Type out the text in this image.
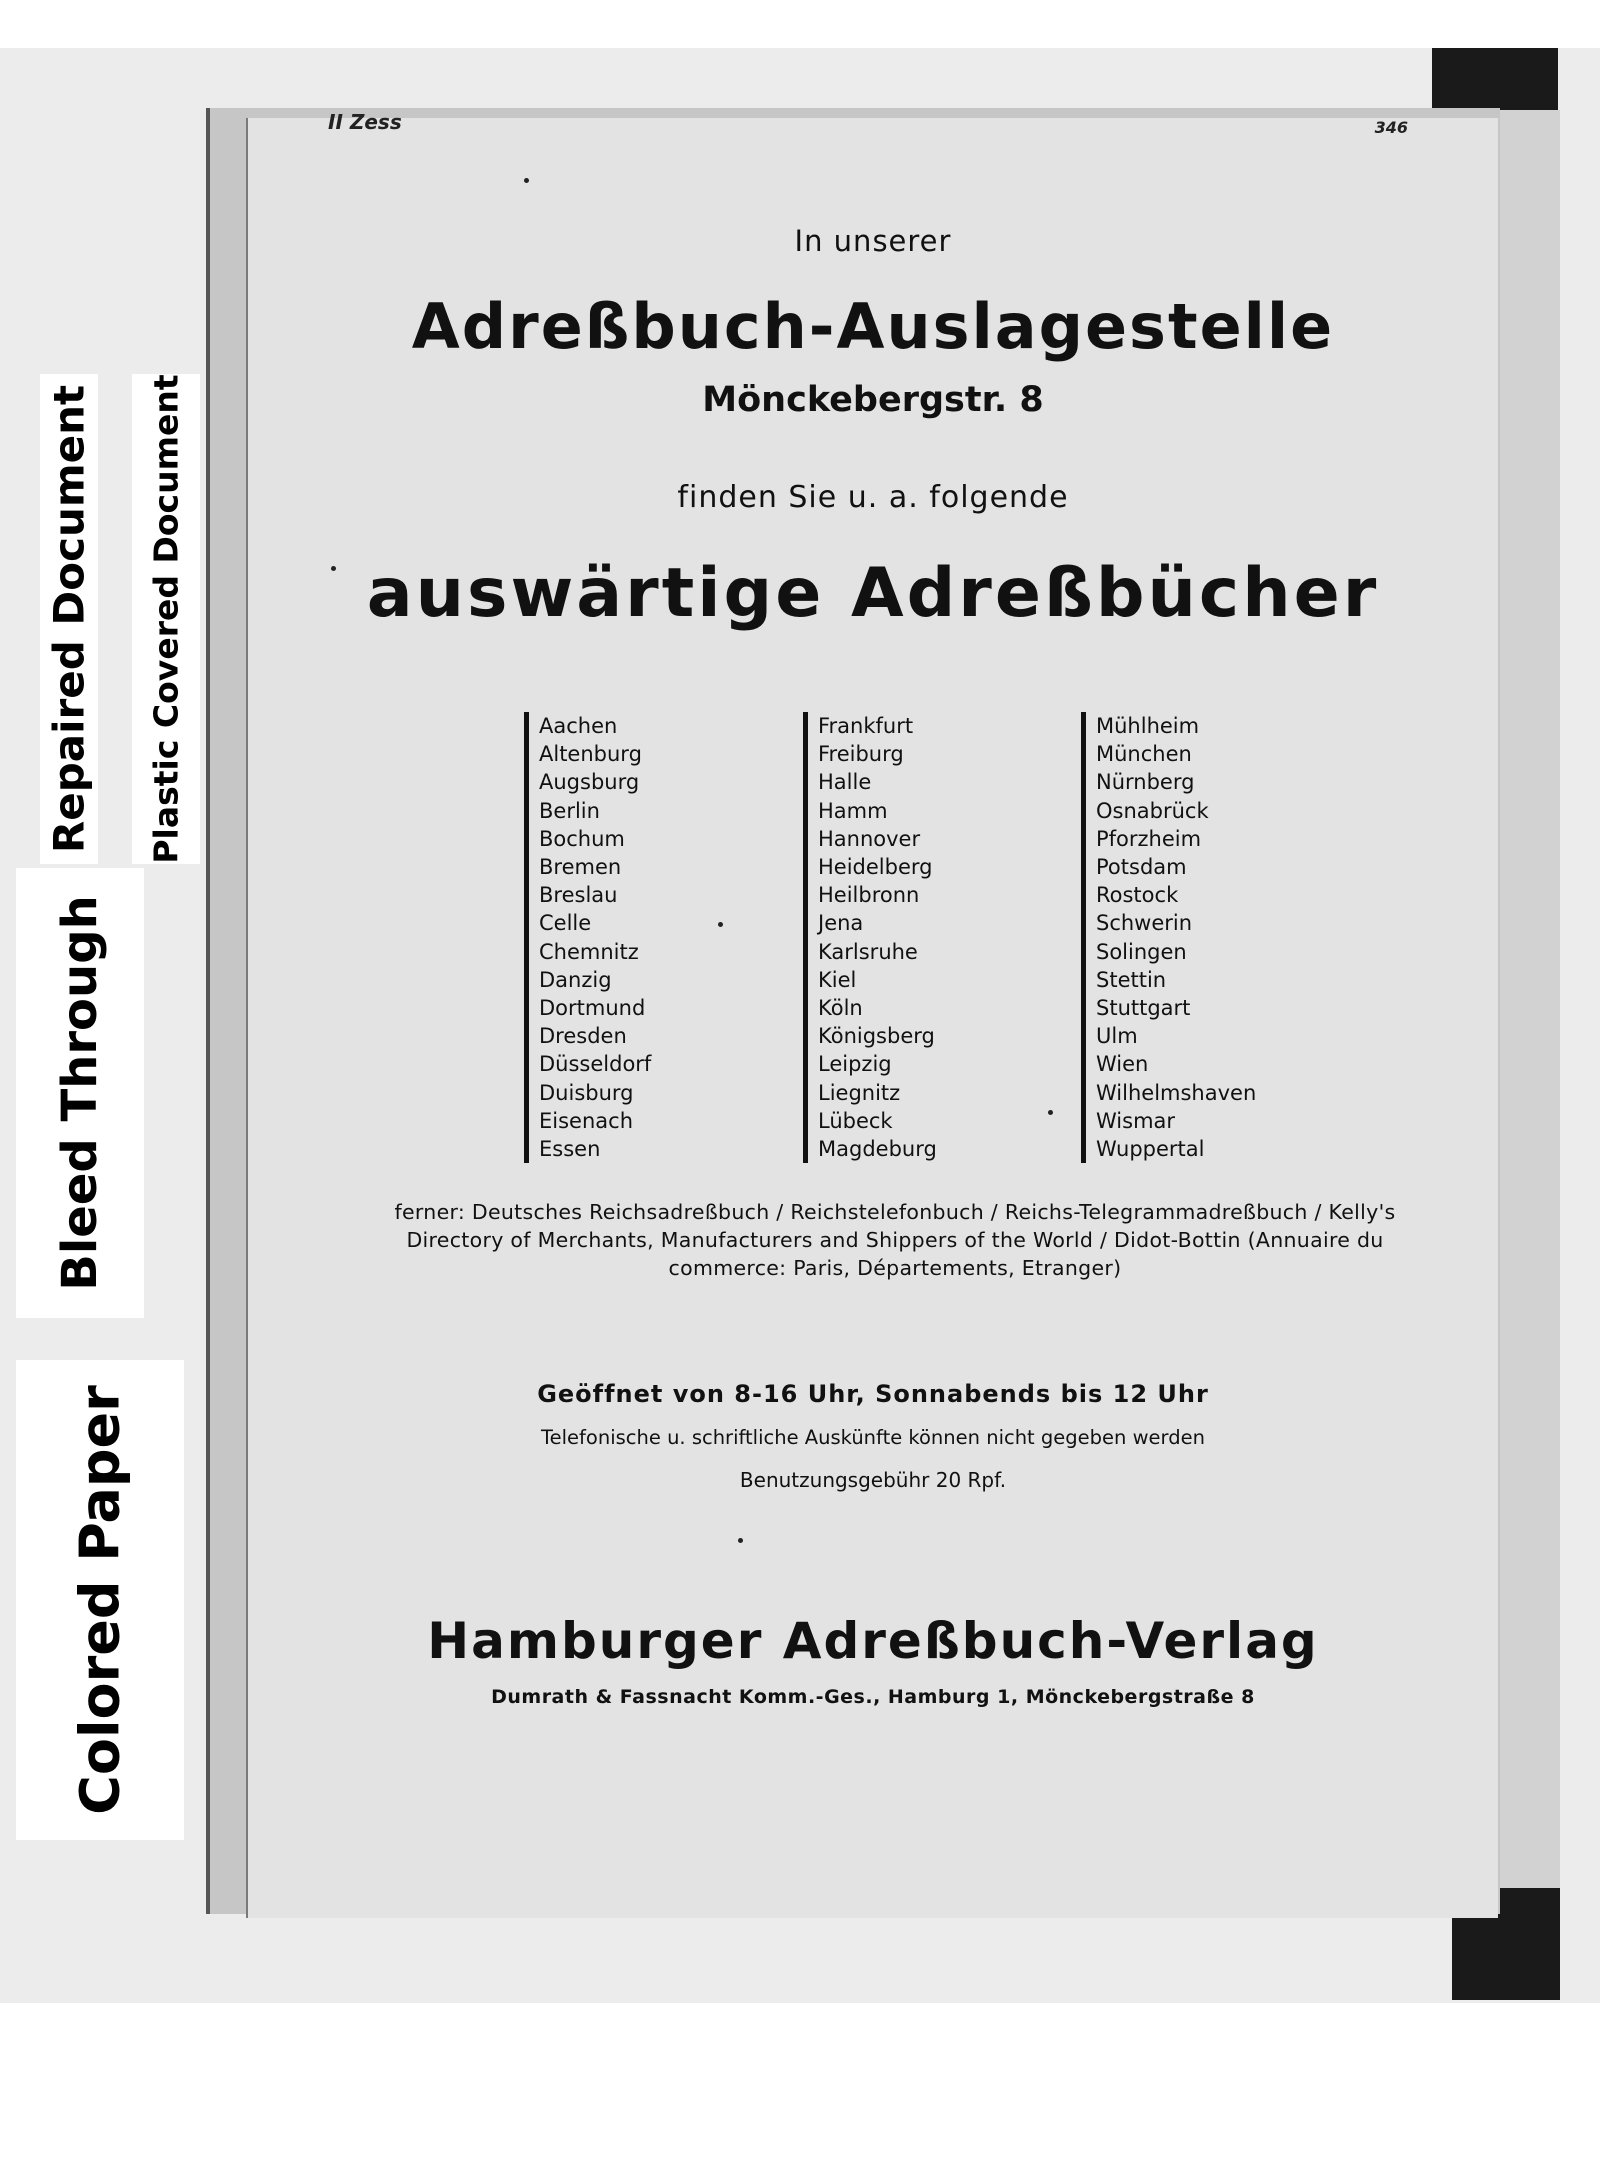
Repaired Document Plastic Covered Document
Bleed Through
Colored Paper
II Zess	346
In unserer
Adreßbuch-Auslagestelle
Mönckebergstr. 8
finden Sie u. a. folgende
auswärtige Adreßbücher
Aachen
Altenburg
Augsburg
Berlin
Bochum
Bremen
Breslau
Celle
Chemnitz
Danzig
Dortmund
Dresden
Düsseldorf
Duisburg
Eisenach
Essen
Frankfurt
Freiburg
Halle
Hamm
Hannover
Heidelberg
Heilbronn
Jena
Karlsruhe
Kiel
Köln
Königsberg
Leipzig
Liegnitz
Lübeck
Magdeburg
Mühlheim
München
Nürnberg
Osnabrück
Pforzheim
Potsdam
Rostock
Schwerin
Solingen
Stettin
Stuttgart
Ulm
Wien
Wilhelmshaven
Wismar
Wuppertal
ferner: Deutsches Reichsadreßbuch / Reichstelefonbuch / Reichs-Telegrammadreßbuch / Kelly's
Directory of Merchants, Manufacturers and Shippers of the World / Didot-Bottin (Annuaire du
commerce: Paris, Départements, Etranger)
Geöffnet von 8-16 Uhr, Sonnabends bis 12 Uhr
Telefonische u. schriftliche Auskünfte können nicht gegeben werden
Benutzungsgebühr 20 Rpf.
Hamburger Adreßbuch-Verlag
Dumrath & Fassnacht Komm.-Ges., Hamburg 1, Mönckebergstraße 8
